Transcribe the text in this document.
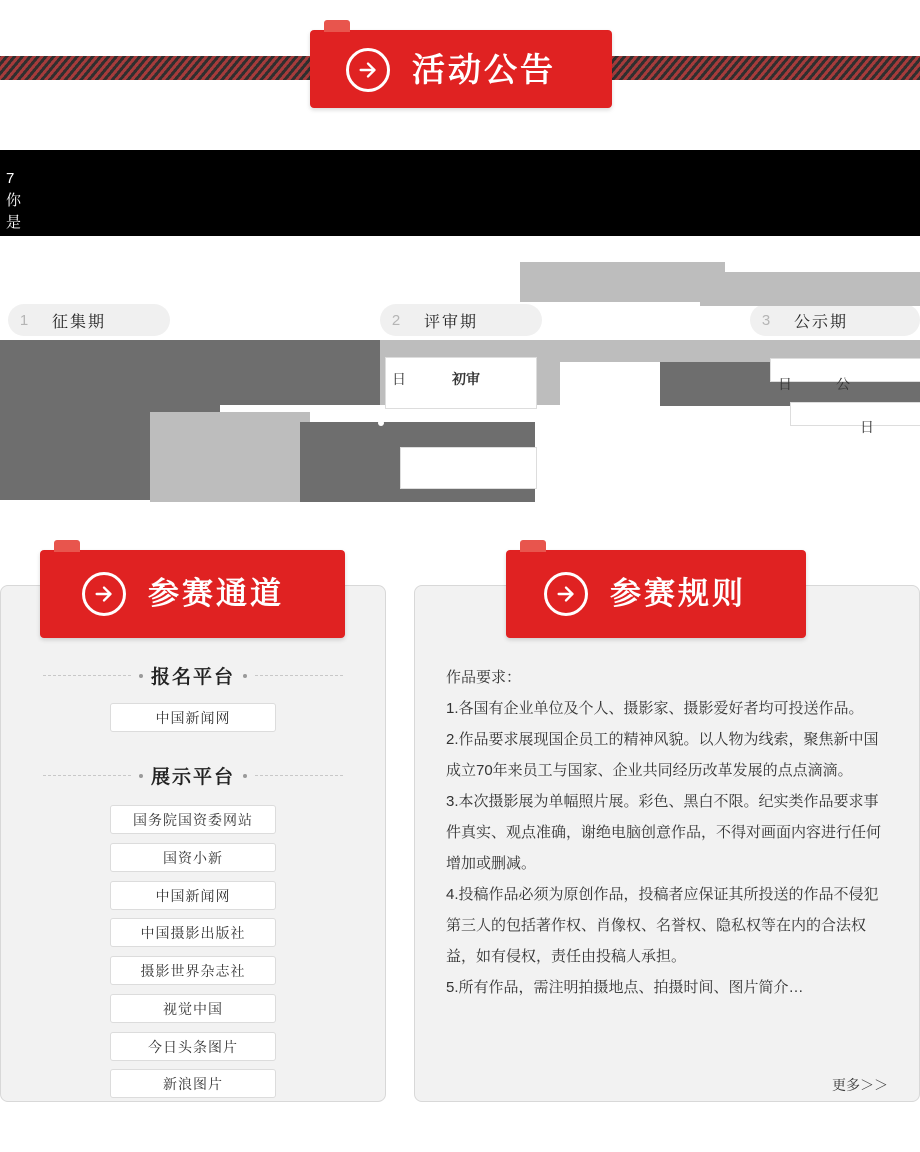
活动公告
7
你
是
1	征集期	2	评审期	3	公示期
日	初审	日	公
日
参赛通道
报名平台
中国新闻网
展示平台
国务院国资委网站
国资小新
中国新闻网
中国摄影出版社
摄影世界杂志社
视觉中国
今日头条图片
新浪图片
参赛规则

作品要求：

1.各国有企业单位及个人、摄影家、摄影爱好者均可投送作品。

2.作品要求展现国企员工的精神风貌。以人物为线索，聚焦新中国成立70年来员工与国家、企业共同经历改革发展的点点滴滴。

3.本次摄影展为单幅照片展。彩色、黑白不限。纪实类作品要求事件真实、观点准确，谢绝电脑创意作品，不得对画面内容进行任何增加或删减。

4.投稿作品必须为原创作品，投稿者应保证其所投送的作品不侵犯第三人的包括著作权、肖像权、名誉权、隐私权等在内的合法权益，如有侵权，责任由投稿人承担。

5.所有作品，需注明拍摄地点、拍摄时间、图片简介…

更多＞＞
